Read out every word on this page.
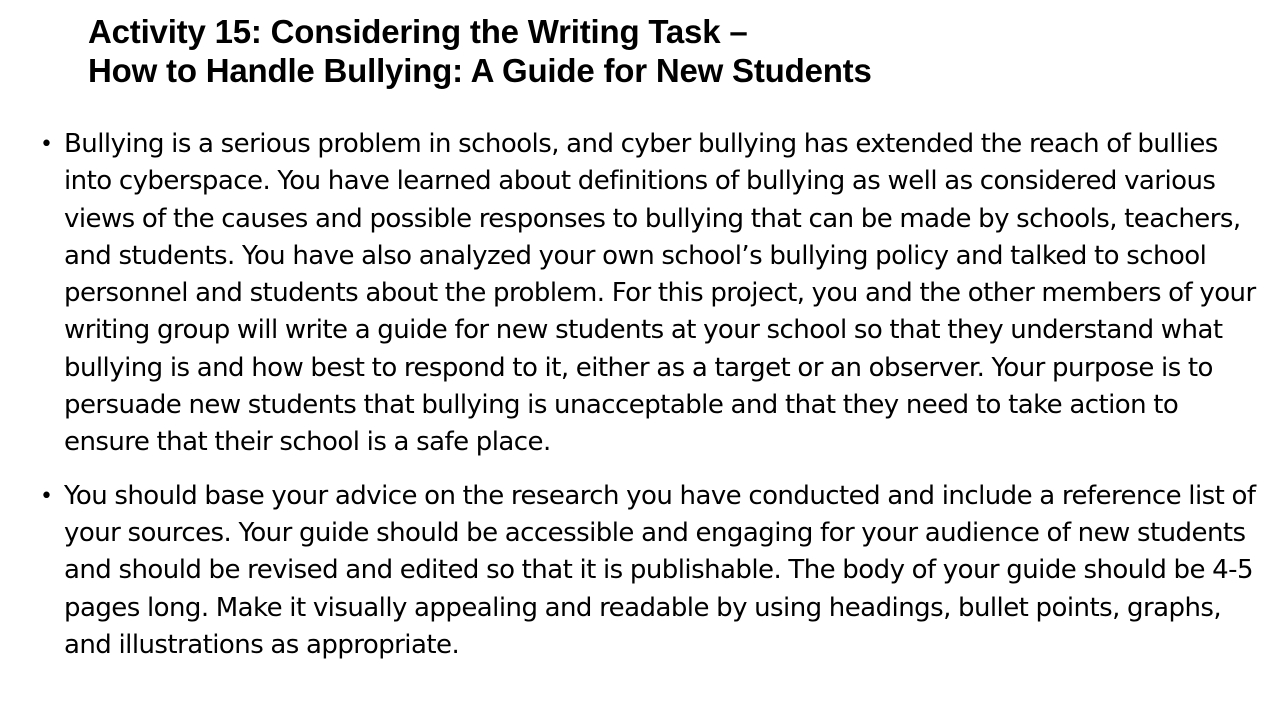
Activity 15: Considering the Writing Task –
How to Handle Bullying: A Guide for New Students
• Bullying is a serious problem in schools, and cyber bullying has extended the reach of bullies into cyberspace. You have learned about definitions of bullying as well as considered various views of the causes and possible responses to bullying that can be made by schools, teachers, and students. You have also analyzed your own school’s bullying policy and talked to school personnel and students about the problem. For this project, you and the other members of your writing group will write a guide for new students at your school so that they understand what bullying is and how best to respond to it, either as a target or an observer. Your purpose is to persuade new students that bullying is unacceptable and that they need to take action to ensure that their school is a safe place.
• You should base your advice on the research you have conducted and include a reference list of your sources. Your guide should be accessible and engaging for your audience of new students and should be revised and edited so that it is publishable. The body of your guide should be 4-5 pages long. Make it visually appealing and readable by using headings, bullet points, graphs, and illustrations as appropriate.
